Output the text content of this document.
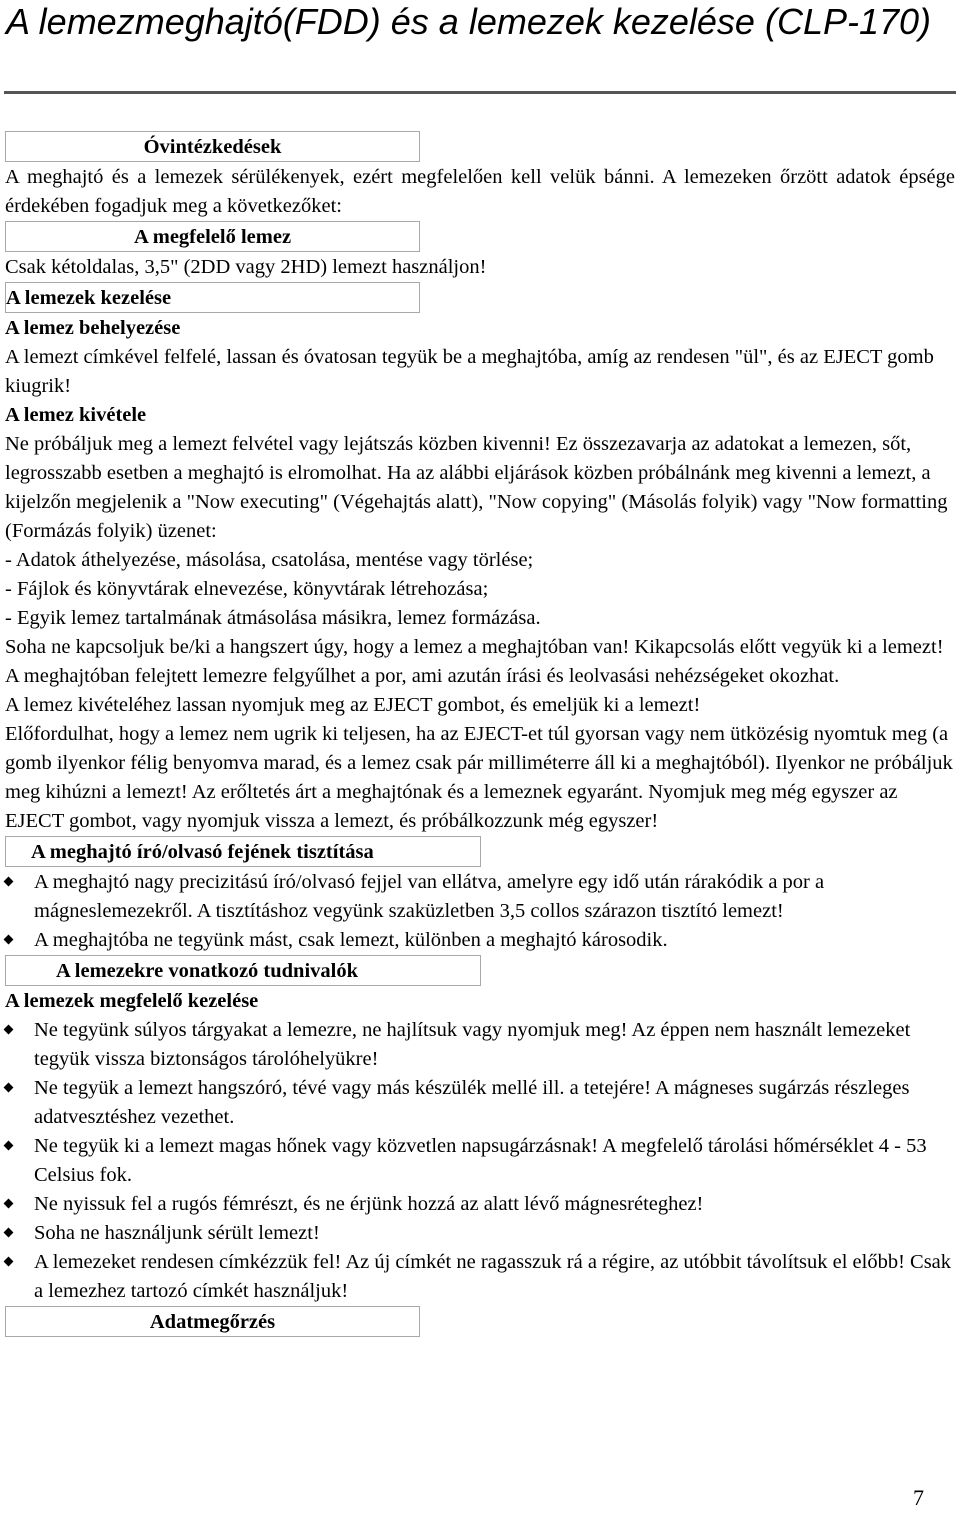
A lemezmeghajtó(FDD) és a lemezek kezelése (CLP-170)
Óvintézkedések

A meghajtó és a lemezek sérülékenyek, ezért megfelelően kell velük bánni. A lemezeken őrzött adatok épsége érdekében fogadjuk meg a következőket:

A megfelelő lemez

Csak kétoldalas, 3,5" (2DD vagy 2HD) lemezt használjon!

A lemezek kezelése
A lemez behelyezése

A lemezt címkével felfelé, lassan és óvatosan tegyük be a meghajtóba, amíg az rendesen "ül", és az EJECT gomb kiugrik!

A lemez kivétele

Ne próbáljuk meg a lemezt felvétel vagy lejátszás közben kivenni! Ez összezavarja az adatokat a lemezen, sőt, legrosszabb esetben a meghajtó is elromolhat. Ha az alábbi eljárások közben próbálnánk meg kivenni a lemezt, a kijelzőn megjelenik a "Now executing" (Végehajtás alatt), "Now copying" (Másolás folyik) vagy "Now formatting (Formázás folyik) üzenet:

- Adatok áthelyezése, másolása, csatolása, mentése vagy törlése;
- Fájlok és könyvtárak elnevezése, könyvtárak létrehozása;
- Egyik lemez tartalmának átmásolása másikra, lemez formázása.

Soha ne kapcsoljuk be/ki a hangszert úgy, hogy a lemez a meghajtóban van! Kikapcsolás előtt vegyük ki a lemezt! A meghajtóban felejtett lemezre felgyűlhet a por, ami azután írási és leolvasási nehézségeket okozhat.

A lemez kivételéhez lassan nyomjuk meg az EJECT gombot, és emeljük ki a lemezt!

Előfordulhat, hogy a lemez nem ugrik ki teljesen, ha az EJECT-et túl gyorsan vagy nem ütközésig nyomtuk meg (a gomb ilyenkor félig benyomva marad, és a lemez csak pár milliméterre áll ki a meghajtóból). Ilyenkor ne próbáljuk meg kihúzni a lemezt! Az erőltetés árt a meghajtónak és a lemeznek egyaránt. Nyomjuk meg még egyszer az EJECT gombot, vagy nyomjuk vissza a lemezt, és próbálkozzunk még egyszer!

A meghajtó író/olvasó fejének tisztítása
A meghajtó nagy precizitású író/olvasó fejjel van ellátva, amelyre egy idő után rárakódik a por a mágneslemezekről. A tisztításhoz vegyünk szaküzletben 3,5 collos szárazon tisztító lemezt!
A meghajtóba ne tegyünk mást, csak lemezt, különben a meghajtó károsodik.
A lemezekre vonatkozó tudnivalók
A lemezek megfelelő kezelése
Ne tegyünk súlyos tárgyakat a lemezre, ne hajlítsuk vagy nyomjuk meg! Az éppen nem használt lemezeket tegyük vissza biztonságos tárolóhelyükre!
Ne tegyük a lemezt hangszóró, tévé vagy más készülék mellé ill. a tetejére! A mágneses sugárzás részleges adatvesztéshez vezethet.
Ne tegyük ki a lemezt magas hőnek vagy közvetlen napsugárzásnak! A megfelelő tárolási hőmérséklet 4 - 53 Celsius fok.
Ne nyissuk fel a rugós fémrészt, és ne érjünk hozzá az alatt lévő mágnesréteghez!
Soha ne használjunk sérült lemezt!
A lemezeket rendesen címkézzük fel! Az új címkét ne ragasszuk rá a régire, az utóbbit távolítsuk el előbb! Csak a lemezhez tartozó címkét használjuk!
Adatmegőrzés
7
